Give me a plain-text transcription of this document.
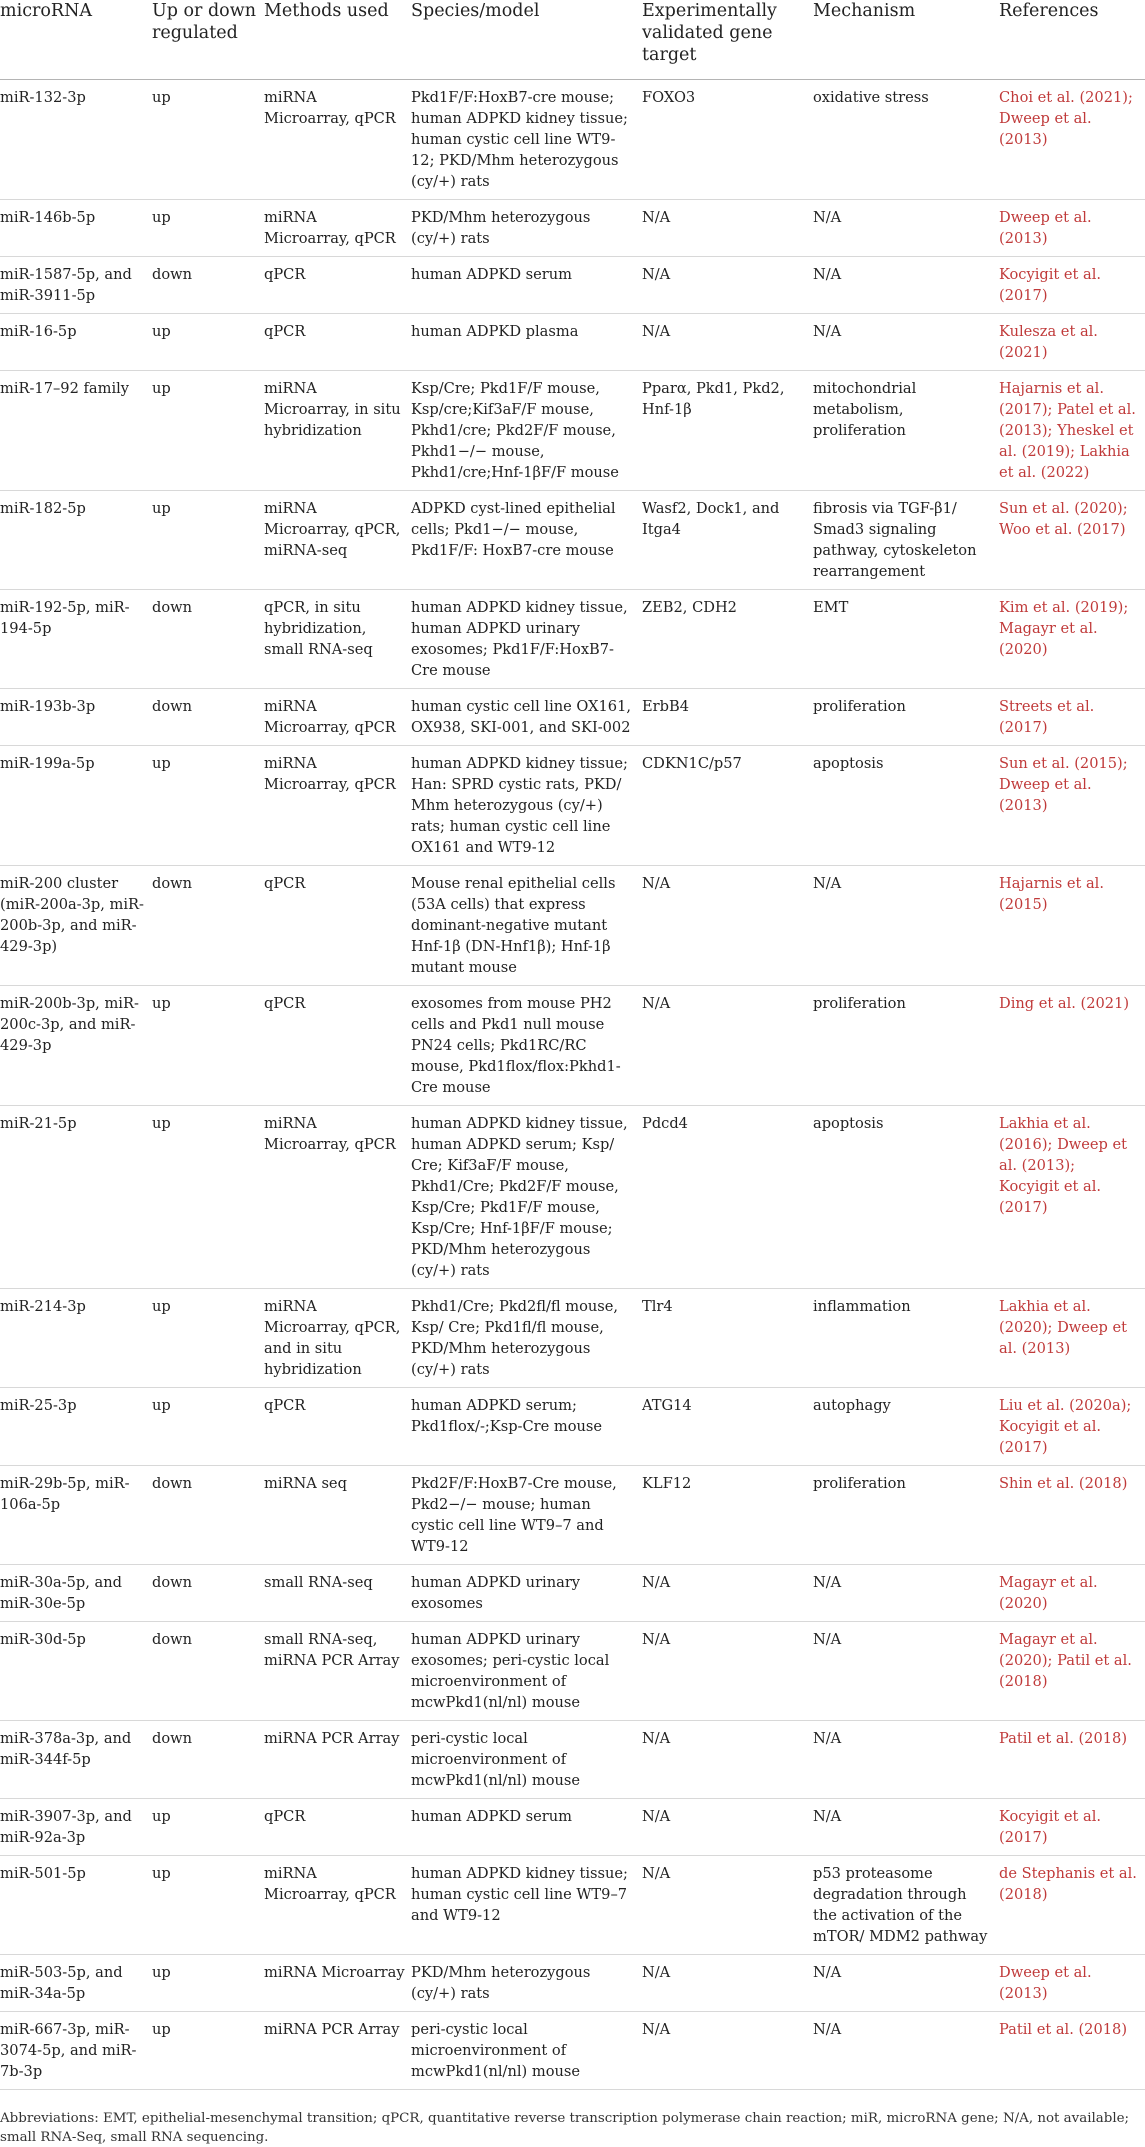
microRNA	Up or down regulated	Methods used	Species/model	Experimentally validated gene target	Mechanism	References
miR-132-3p	up	miRNA Microarray, qPCR	Pkd1F/F:HoxB7-cre mouse; human ADPKD kidney tissue; human cystic cell line WT9-12; PKD/Mhm heterozygous (cy/+) rats	FOXO3	oxidative stress	Choi et al. (2021); Dweep et al. (2013)
miR-146b-5p	up	miRNA Microarray, qPCR	PKD/Mhm heterozygous (cy/+) rats	N/A	N/A	Dweep et al. (2013)
miR-1587-5p, and miR-3911-5p	down	qPCR	human ADPKD serum	N/A	N/A	Kocyigit et al. (2017)
miR-16-5p	up	qPCR	human ADPKD plasma	N/A	N/A	Kulesza et al. (2021)
miR-17–92 family	up	miRNA Microarray, in situ hybridization	Ksp/Cre; Pkd1F/F mouse, Ksp/cre;Kif3aF/F mouse, Pkhd1/cre; Pkd2F/F mouse, Pkhd1−/− mouse, Pkhd1/cre;Hnf-1βF/F mouse	Pparα, Pkd1, Pkd2, Hnf-1β	mitochondrial metabolism, proliferation	Hajarnis et al. (2017); Patel et al. (2013); Yheskel et al. (2019); Lakhia et al. (2022)
miR-182-5p	up	miRNA Microarray, qPCR, miRNA-seq	ADPKD cyst-lined epithelial cells; Pkd1−/− mouse, Pkd1F/F: HoxB7-cre mouse	Wasf2, Dock1, and Itga4	fibrosis via TGF-β1/ Smad3 signaling pathway, cytoskeleton rearrangement	Sun et al. (2020); Woo et al. (2017)
miR-192-5p, miR-194-5p	down	qPCR, in situ hybridization, small RNA-seq	human ADPKD kidney tissue, human ADPKD urinary exosomes; Pkd1F/F:HoxB7-Cre mouse	ZEB2, CDH2	EMT	Kim et al. (2019); Magayr et al. (2020)
miR-193b-3p	down	miRNA Microarray, qPCR	human cystic cell line OX161, OX938, SKI-001, and SKI-002	ErbB4	proliferation	Streets et al. (2017)
miR-199a-5p	up	miRNA Microarray, qPCR	human ADPKD kidney tissue; Han: SPRD cystic rats, PKD/ Mhm heterozygous (cy/+) rats; human cystic cell line OX161 and WT9-12	CDKN1C/p57	apoptosis	Sun et al. (2015); Dweep et al. (2013)
miR-200 cluster (miR-200a-3p, miR-200b-3p, and miR-429-3p)	down	qPCR	Mouse renal epithelial cells (53A cells) that express dominant-negative mutant Hnf-1β (DN-Hnf1β); Hnf-1β mutant mouse	N/A	N/A	Hajarnis et al. (2015)
miR-200b-3p, miR-200c-3p, and miR-429-3p	up	qPCR	exosomes from mouse PH2 cells and Pkd1 null mouse PN24 cells; Pkd1RC/RC mouse, Pkd1flox/flox:Pkhd1-Cre mouse	N/A	proliferation	Ding et al. (2021)
miR-21-5p	up	miRNA Microarray, qPCR	human ADPKD kidney tissue, human ADPKD serum; Ksp/ Cre; Kif3aF/F mouse, Pkhd1/Cre; Pkd2F/F mouse, Ksp/Cre; Pkd1F/F mouse, Ksp/Cre; Hnf-1βF/F mouse; PKD/Mhm heterozygous (cy/+) rats	Pdcd4	apoptosis	Lakhia et al. (2016); Dweep et al. (2013); Kocyigit et al. (2017)
miR-214-3p	up	miRNA Microarray, qPCR, and in situ hybridization	Pkhd1/Cre; Pkd2fl/fl mouse, Ksp/ Cre; Pkd1fl/fl mouse, PKD/Mhm heterozygous (cy/+) rats	Tlr4	inflammation	Lakhia et al. (2020); Dweep et al. (2013)
miR-25-3p	up	qPCR	human ADPKD serum; Pkd1flox/-;Ksp-Cre mouse	ATG14	autophagy	Liu et al. (2020a); Kocyigit et al. (2017)
miR-29b-5p, miR-106a-5p	down	miRNA seq	Pkd2F/F:HoxB7-Cre mouse, Pkd2−/− mouse; human cystic cell line WT9–7 and WT9-12	KLF12	proliferation	Shin et al. (2018)
miR-30a-5p, and miR-30e-5p	down	small RNA-seq	human ADPKD urinary exosomes	N/A	N/A	Magayr et al. (2020)
miR-30d-5p	down	small RNA-seq, miRNA PCR Array	human ADPKD urinary exosomes; peri-cystic local microenvironment of mcwPkd1(nl/nl) mouse	N/A	N/A	Magayr et al. (2020); Patil et al. (2018)
miR-378a-3p, and miR-344f-5p	down	miRNA PCR Array	peri-cystic local microenvironment of mcwPkd1(nl/nl) mouse	N/A	N/A	Patil et al. (2018)
miR-3907-3p, and miR-92a-3p	up	qPCR	human ADPKD serum	N/A	N/A	Kocyigit et al. (2017)
miR-501-5p	up	miRNA Microarray, qPCR	human ADPKD kidney tissue; human cystic cell line WT9–7 and WT9-12	N/A	p53 proteasome degradation through the activation of the mTOR/ MDM2 pathway	de Stephanis et al. (2018)
miR-503-5p, and miR-34a-5p	up	miRNA Microarray	PKD/Mhm heterozygous (cy/+) rats	N/A	N/A	Dweep et al. (2013)
miR-667-3p, miR-3074-5p, and miR-7b-3p	up	miRNA PCR Array	peri-cystic local microenvironment of mcwPkd1(nl/nl) mouse	N/A	N/A	Patil et al. (2018)
Abbreviations: EMT, epithelial-mesenchymal transition; qPCR, quantitative reverse transcription polymerase chain reaction; miR, microRNA gene; N/A, not available; small RNA-Seq, small RNA sequencing.
